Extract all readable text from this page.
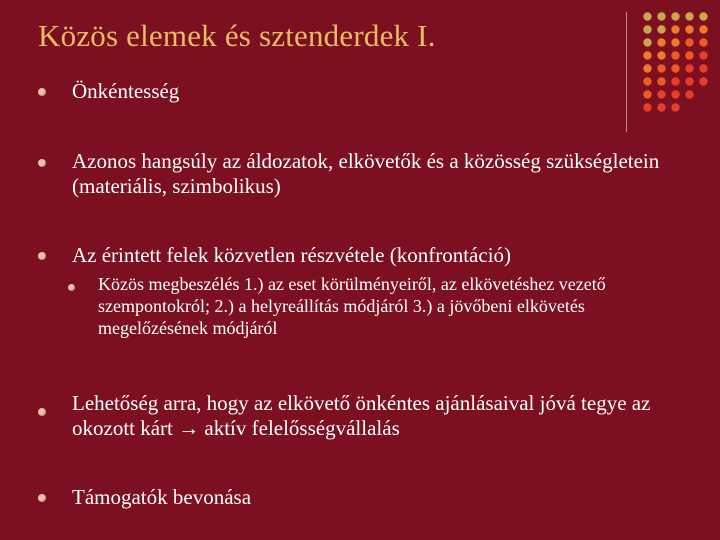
Közös elemek és sztenderdek I.
Önkéntesség
Azonos hangsúly az áldozatok, elkövetők és a közösség szükségletein (materiális, szimbolikus)
Az érintett felek közvetlen részvétele (konfrontáció)
Közös megbeszélés 1.) az eset körülményeiről, az elkövetéshez vezető szempontokról; 2.) a helyreállítás módjáról 3.) a jövőbeni elkövetés megelőzésének módjáról
Lehetőség arra, hogy az elkövető önkéntes ajánlásaival jóvá tegye az okozott kárt → aktív felelősségvállalás
Támogatók bevonása
